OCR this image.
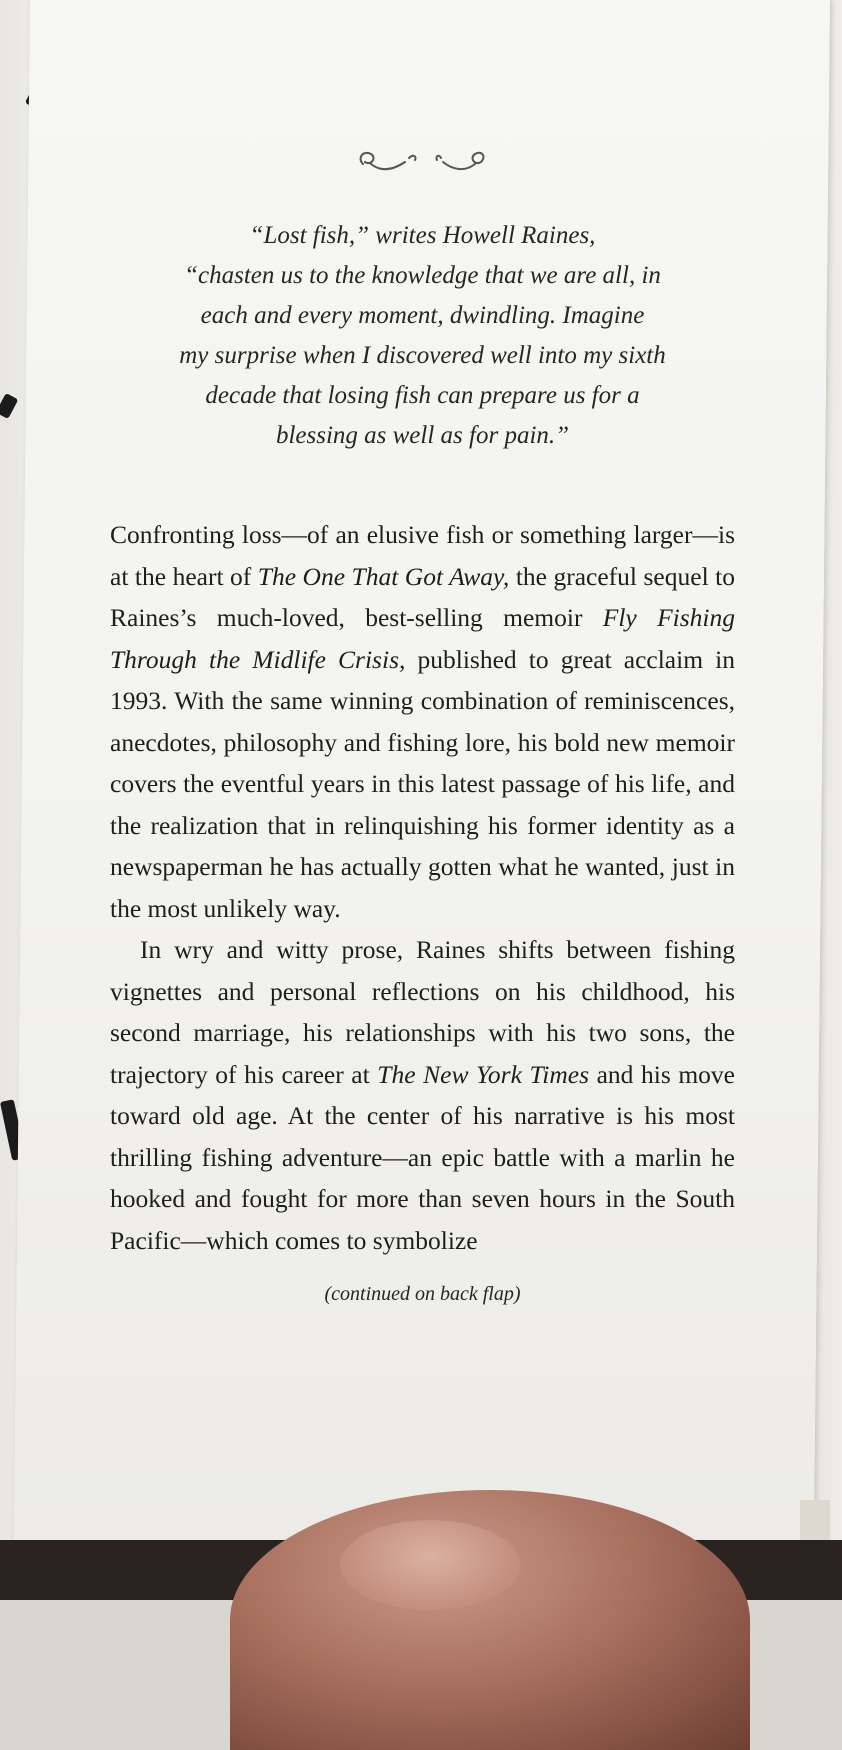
“Lost fish,” writes Howell Raines,

“chasten us to the knowledge that we are all, in

each and every moment, dwindling. Imagine

my surprise when I discovered well into my sixth

decade that losing fish can prepare us for a

blessing as well as for pain.”

Confronting loss—of an elusive fish or something larger—is at the heart of The One That Got Away, the graceful sequel to Raines’s much-loved, best-selling memoir Fly Fishing Through the Midlife Crisis, published to great acclaim in 1993. With the same winning combination of reminiscences, anecdotes, philosophy and fishing lore, his bold new memoir covers the eventful years in this latest passage of his life, and the realization that in relinquishing his former identity as a newspaperman he has actually gotten what he wanted, just in the most unlikely way.

In wry and witty prose, Raines shifts between fishing vignettes and personal reflections on his childhood, his second marriage, his relationships with his two sons, the trajectory of his career at The New York Times and his move toward old age. At the center of his narrative is his most thrilling fishing adventure—an epic battle with a marlin he hooked and fought for more than seven hours in the South Pacific—which comes to symbolize

(continued on back flap)
